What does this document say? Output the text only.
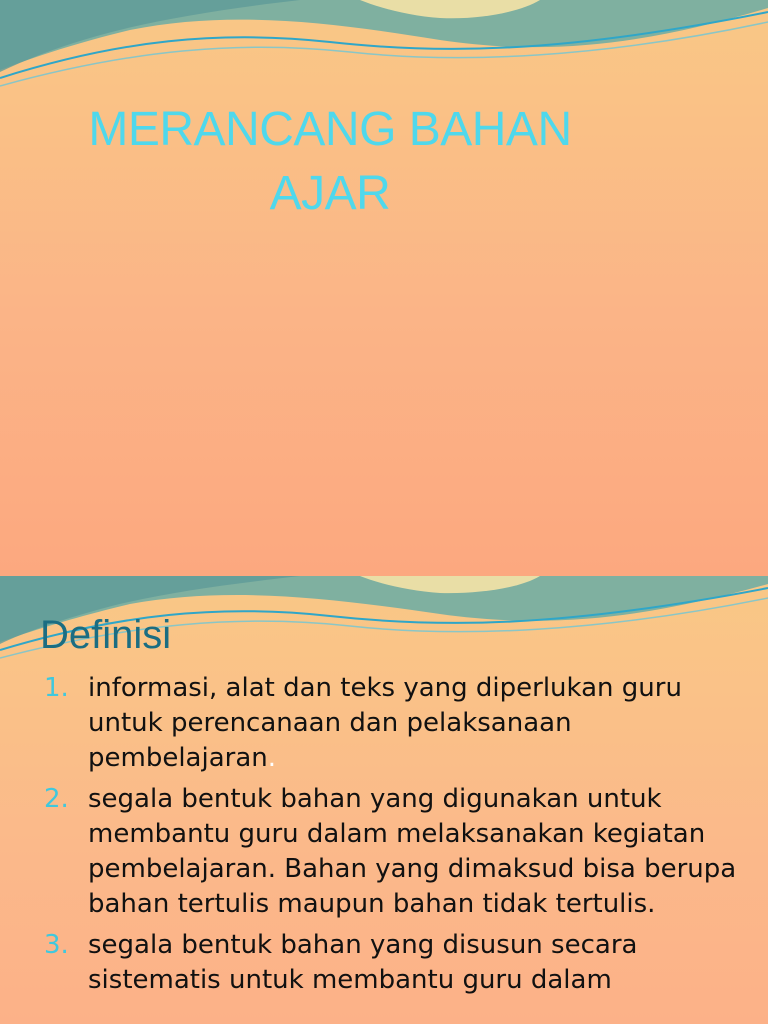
MERANCANG BAHAN
AJAR
Definisi
1. informasi, alat dan teks yang diperlukan guru untuk perencanaan dan pelaksanaan pembelajaran.
2. segala bentuk bahan yang digunakan untuk membantu guru dalam melaksanakan kegiatan pembelajaran. Bahan yang dimaksud bisa berupa bahan tertulis maupun bahan tidak tertulis.
3. segala bentuk bahan yang disusun secara sistematis untuk membantu guru dalam
